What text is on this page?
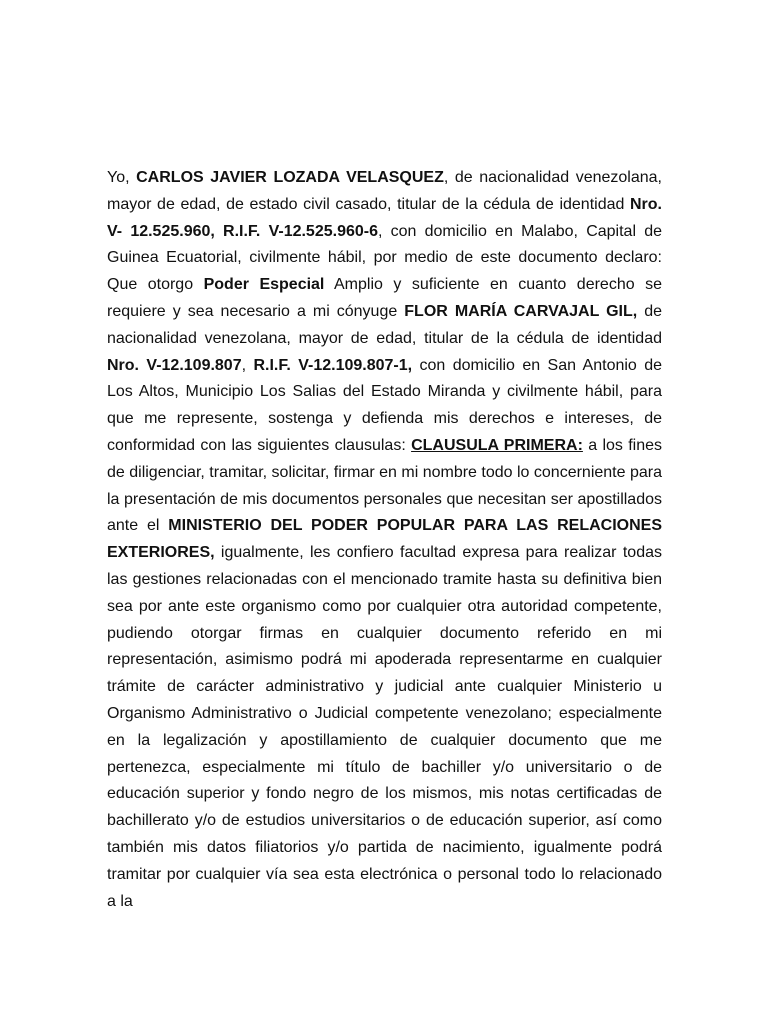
Yo, CARLOS JAVIER LOZADA VELASQUEZ, de nacionalidad venezolana, mayor de edad, de estado civil casado, titular de la cédula de identidad Nro. V- 12.525.960, R.I.F. V-12.525.960-6, con domicilio en Malabo, Capital de Guinea Ecuatorial, civilmente hábil, por medio de este documento declaro: Que otorgo Poder Especial Amplio y suficiente en cuanto derecho se requiere y sea necesario a mi cónyuge FLOR MARÍA CARVAJAL GIL, de nacionalidad venezolana, mayor de edad, titular de la cédula de identidad Nro. V-12.109.807, R.I.F. V-12.109.807-1, con domicilio en San Antonio de Los Altos, Municipio Los Salias del Estado Miranda y civilmente hábil, para que me represente, sostenga y defienda mis derechos e intereses, de conformidad con las siguientes clausulas: CLAUSULA PRIMERA: a los fines de diligenciar, tramitar, solicitar, firmar en mi nombre todo lo concerniente para la presentación de mis documentos personales que necesitan ser apostillados ante el MINISTERIO DEL PODER POPULAR PARA LAS RELACIONES EXTERIORES, igualmente, les confiero facultad expresa para realizar todas las gestiones relacionadas con el mencionado tramite hasta su definitiva bien sea por ante este organismo como por cualquier otra autoridad competente, pudiendo otorgar firmas en cualquier documento referido en mi representación, asimismo podrá mi apoderada representarme en cualquier trámite de carácter administrativo y judicial ante cualquier Ministerio u Organismo Administrativo o Judicial competente venezolano; especialmente en la legalización y apostillamiento de cualquier documento que me pertenezca, especialmente mi título de bachiller y/o universitario o de educación superior y fondo negro de los mismos, mis notas certificadas de bachillerato y/o de estudios universitarios o de educación superior, así como también mis datos filiatorios y/o partida de nacimiento, igualmente podrá tramitar por cualquier vía sea esta electrónica o personal todo lo relacionado a la
